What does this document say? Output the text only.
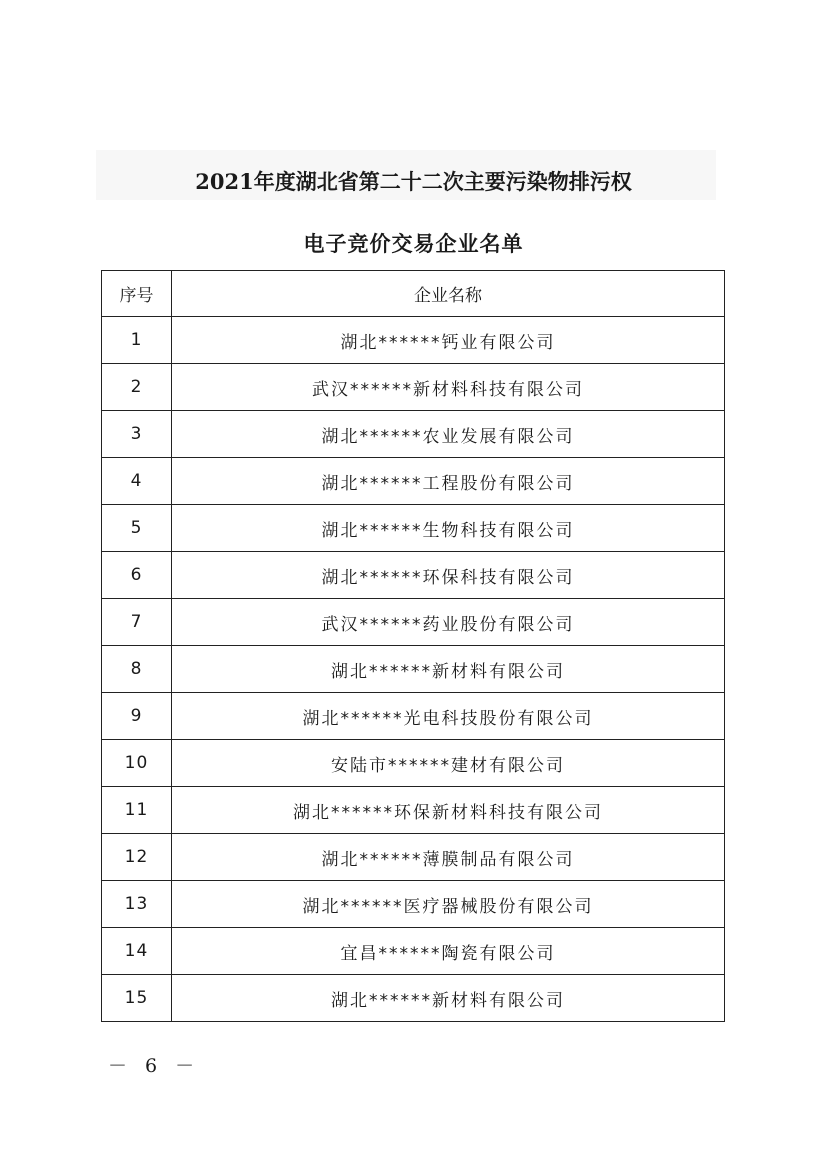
2021年度湖北省第二十二次主要污染物排污权
电子竞价交易企业名单
序号	企业名称
1	湖北******钙业有限公司
2	武汉******新材料科技有限公司
3	湖北******农业发展有限公司
4	湖北******工程股份有限公司
5	湖北******生物科技有限公司
6	湖北******环保科技有限公司
7	武汉******药业股份有限公司
8	湖北******新材料有限公司
9	湖北******光电科技股份有限公司
10	安陆市******建材有限公司
11	湖北******环保新材料科技有限公司
12	湖北******薄膜制品有限公司
13	湖北******医疗器械股份有限公司
14	宜昌******陶瓷有限公司
15	湖北******新材料有限公司
－ 6 －
